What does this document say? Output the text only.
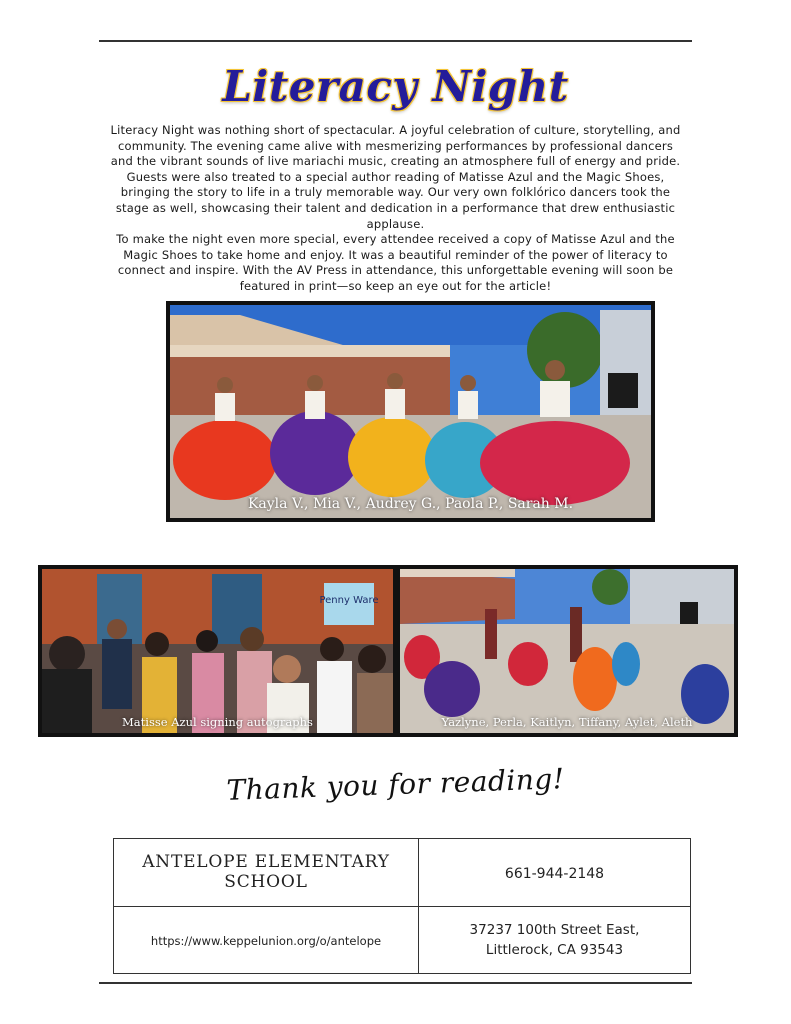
Literacy Night

Literacy Night was nothing short of spectacular. A joyful celebration of culture, storytelling, and community. The evening came alive with mesmerizing performances by professional dancers and the vibrant sounds of live mariachi music, creating an atmosphere full of energy and pride. Guests were also treated to a special author reading of Matisse Azul and the Magic Shoes, bringing the story to life in a truly memorable way. Our very own folklórico dancers took the stage as well, showcasing their talent and dedication in a performance that drew enthusiastic applause.

To make the night even more special, every attendee received a copy of Matisse Azul and the Magic Shoes to take home and enjoy. It was a beautiful reminder of the power of literacy to connect and inspire. With the AV Press in attendance, this unforgettable evening will soon be featured in print—so keep an eye out for the article!

Kayla V., Mia V., Audrey G., Paola P., Sarah M.
Penny Ware
Matisse Azul signing autographs	Yazlyne, Perla, Kaitlyn, Tiffany, Aylet, Aleth
Thank you for reading!
ANTELOPE ELEMENTARY SCHOOL	661-944-2148
https://www.keppelunion.org/o/antelope	37237 100th Street East,
Littlerock, CA 93543
